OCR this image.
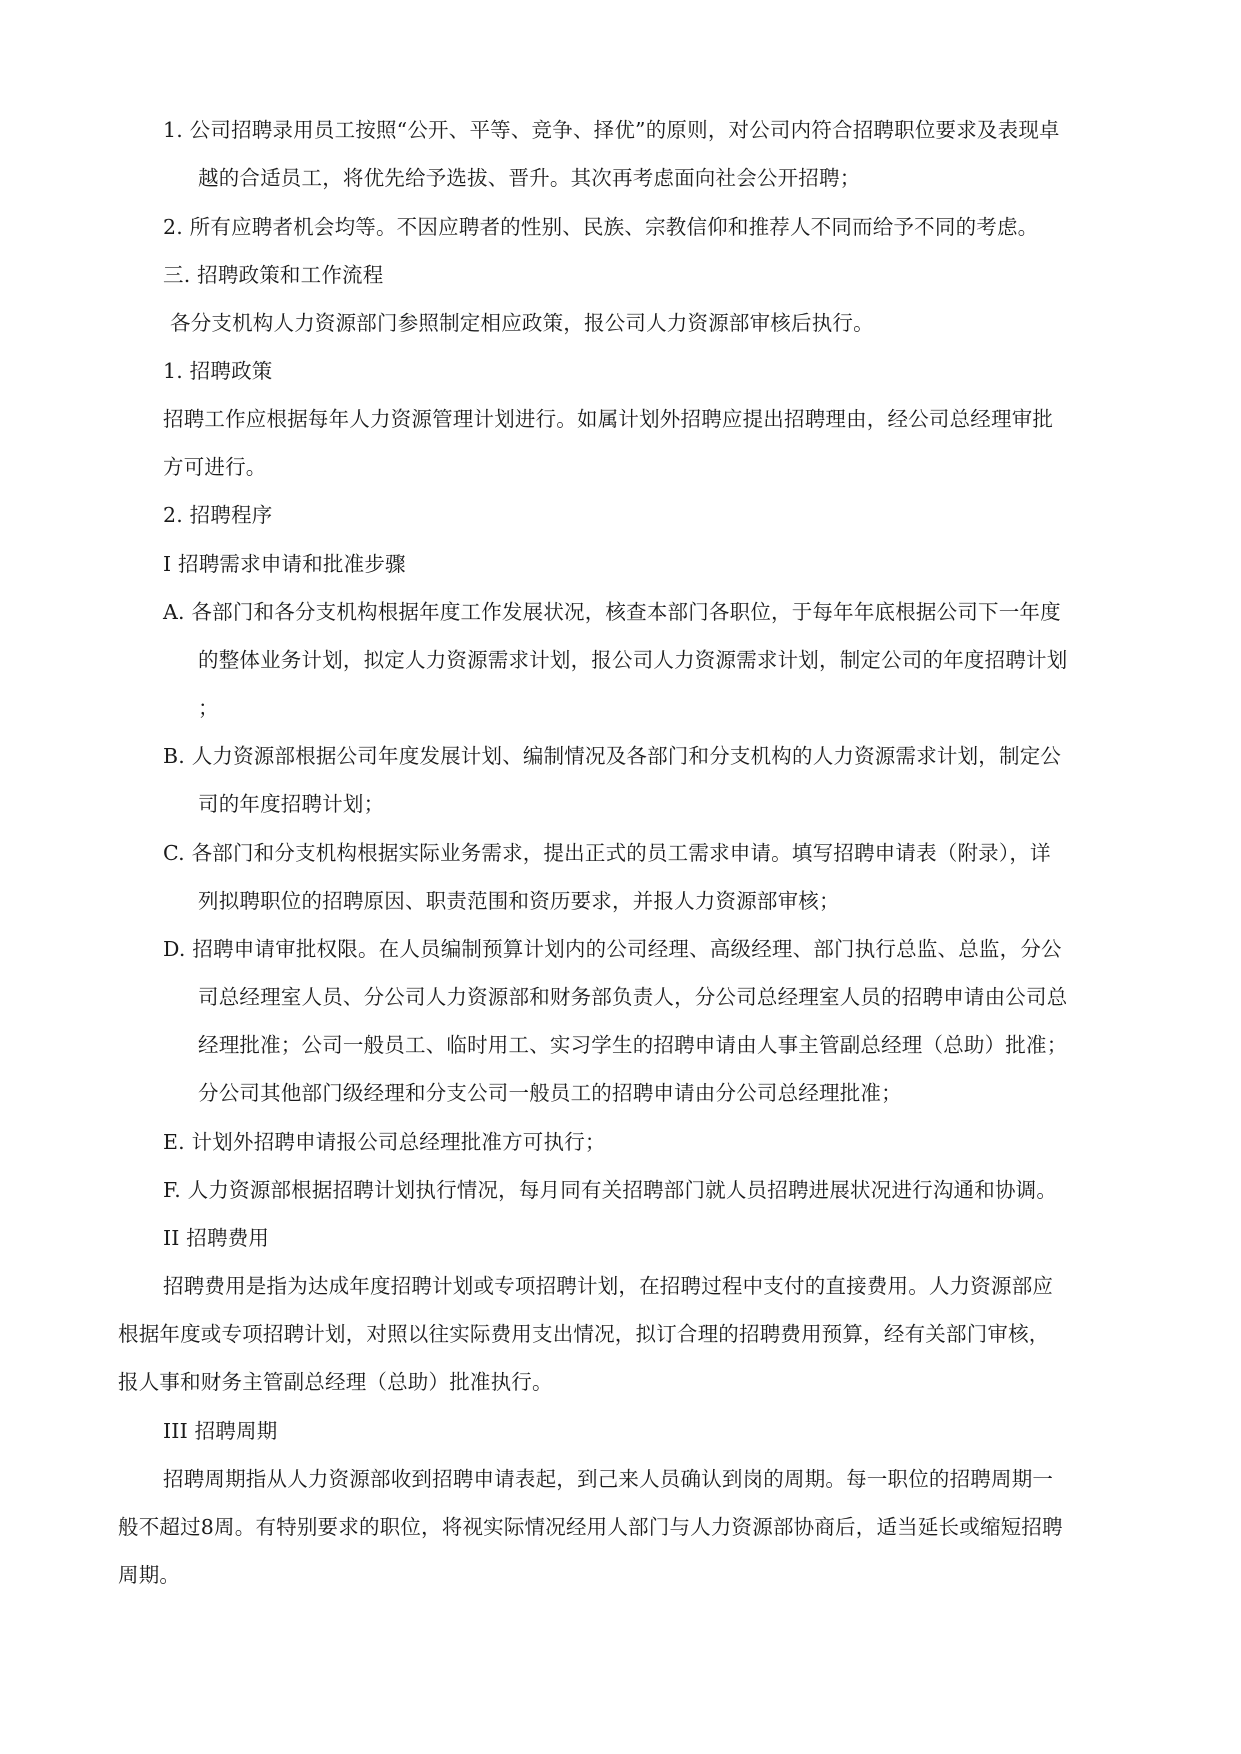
1. 公司招聘录用员工按照“公开、平等、竞争、择优”的原则，对公司内符合招聘职位要求及表现卓
越的合适员工，将优先给予选拔、晋升。其次再考虑面向社会公开招聘；
2. 所有应聘者机会均等。不因应聘者的性别、民族、宗教信仰和推荐人不同而给予不同的考虑。
三. 招聘政策和工作流程
各分支机构人力资源部门参照制定相应政策，报公司人力资源部审核后执行。
1. 招聘政策
招聘工作应根据每年人力资源管理计划进行。如属计划外招聘应提出招聘理由，经公司总经理审批
方可进行。
2. 招聘程序
I 招聘需求申请和批准步骤
A. 各部门和各分支机构根据年度工作发展状况，核查本部门各职位，于每年年底根据公司下一年度
的整体业务计划，拟定人力资源需求计划，报公司人力资源需求计划，制定公司的年度招聘计划
；
B. 人力资源部根据公司年度发展计划、编制情况及各部门和分支机构的人力资源需求计划，制定公
司的年度招聘计划；
C. 各部门和分支机构根据实际业务需求，提出正式的员工需求申请。填写招聘申请表（附录），详
列拟聘职位的招聘原因、职责范围和资历要求，并报人力资源部审核；
D. 招聘申请审批权限。在人员编制预算计划内的公司经理、高级经理、部门执行总监、总监，分公
司总经理室人员、分公司人力资源部和财务部负责人，分公司总经理室人员的招聘申请由公司总
经理批准；公司一般员工、临时用工、实习学生的招聘申请由人事主管副总经理（总助）批准；
分公司其他部门级经理和分支公司一般员工的招聘申请由分公司总经理批准；
E. 计划外招聘申请报公司总经理批准方可执行；
F. 人力资源部根据招聘计划执行情况，每月同有关招聘部门就人员招聘进展状况进行沟通和协调。
II 招聘费用
招聘费用是指为达成年度招聘计划或专项招聘计划，在招聘过程中支付的直接费用。人力资源部应
根据年度或专项招聘计划，对照以往实际费用支出情况，拟订合理的招聘费用预算，经有关部门审核，
报人事和财务主管副总经理（总助）批准执行。
III 招聘周期
招聘周期指从人力资源部收到招聘申请表起，到己来人员确认到岗的周期。每一职位的招聘周期一
般不超过8周。有特别要求的职位，将视实际情况经用人部门与人力资源部协商后，适当延长或缩短招聘
周期。
